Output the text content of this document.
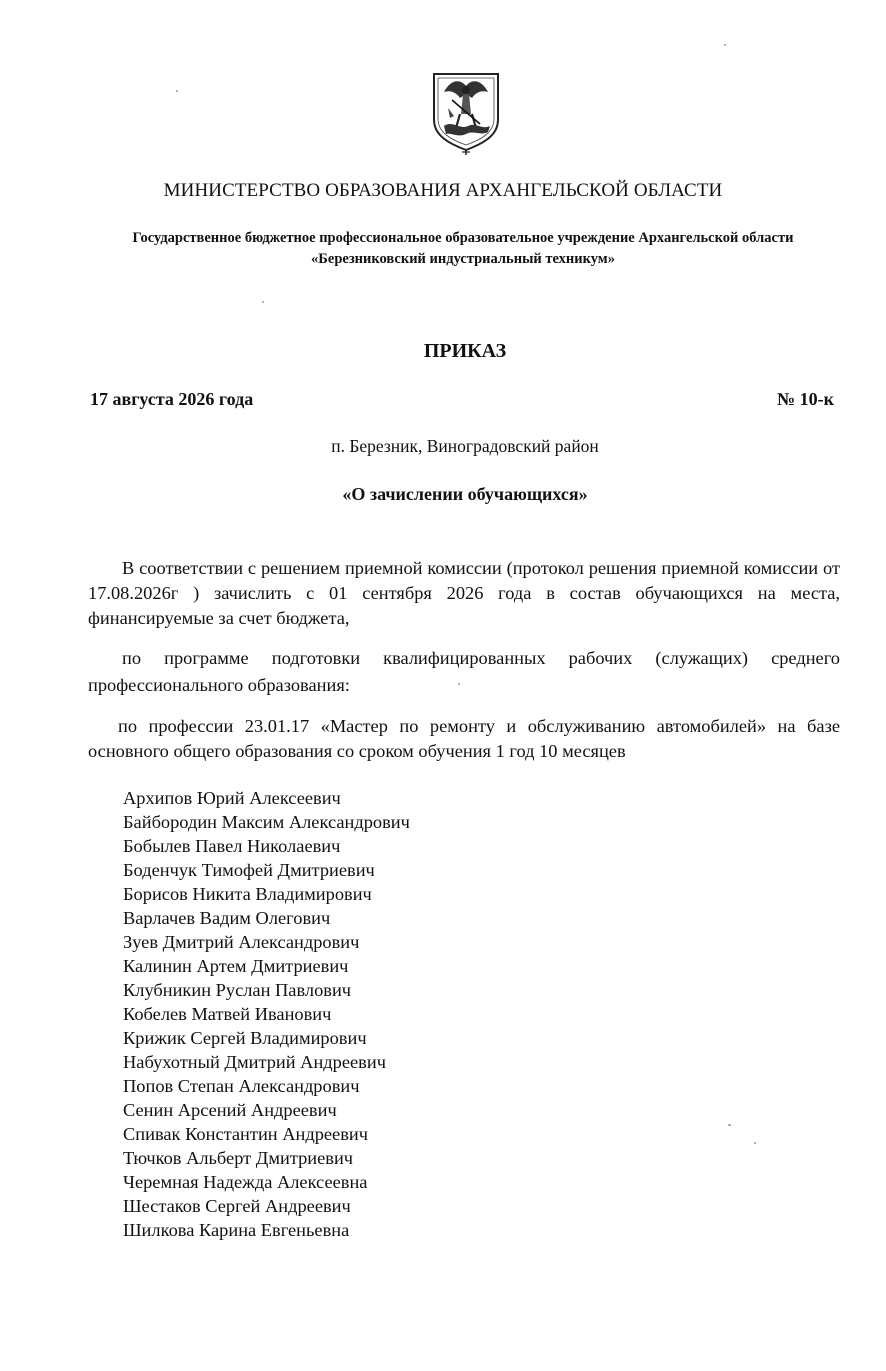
МИНИСТЕРСТВО ОБРАЗОВАНИЯ АРХАНГЕЛЬСКОЙ ОБЛАСТИ
Государственное бюджетное профессиональное образовательное учреждение Архангельской области
«Березниковский индустриальный техникум»
ПРИКАЗ
17 августа 2026 года	№ 10-к
п. Березник, Виноградовский район
«О зачислении обучающихся»

В соответствии с решением приемной комиссии (протокол решения приемной комиссии от 17.08.2026г ) зачислить с 01 сентября 2026 года в состав обучающихся на места, финансируемые за счет бюджета,

по программе подготовки квалифицированных рабочих (служащих) среднего профессионального образования:

по профессии 23.01.17 «Мастер по ремонту и обслуживанию автомобилей» на базе основного общего образования со сроком обучения 1 год 10 месяцев

Архипов Юрий Алексеевич
Байбородин Максим Александрович
Бобылев Павел Николаевич
Боденчук Тимофей Дмитриевич
Борисов Никита Владимирович
Варлачев Вадим Олегович
Зуев Дмитрий Александрович
Калинин Артем Дмитриевич
Клубникин Руслан Павлович
Кобелев Матвей Иванович
Крижик Сергей Владимирович
Набухотный Дмитрий Андреевич
Попов Степан Александрович
Сенин Арсений Андреевич
Спивак Константин Андреевич
Тючков Альберт Дмитриевич
Черемная Надежда Алексеевна
Шестаков Сергей Андреевич
Шилкова Карина Евгеньевна
